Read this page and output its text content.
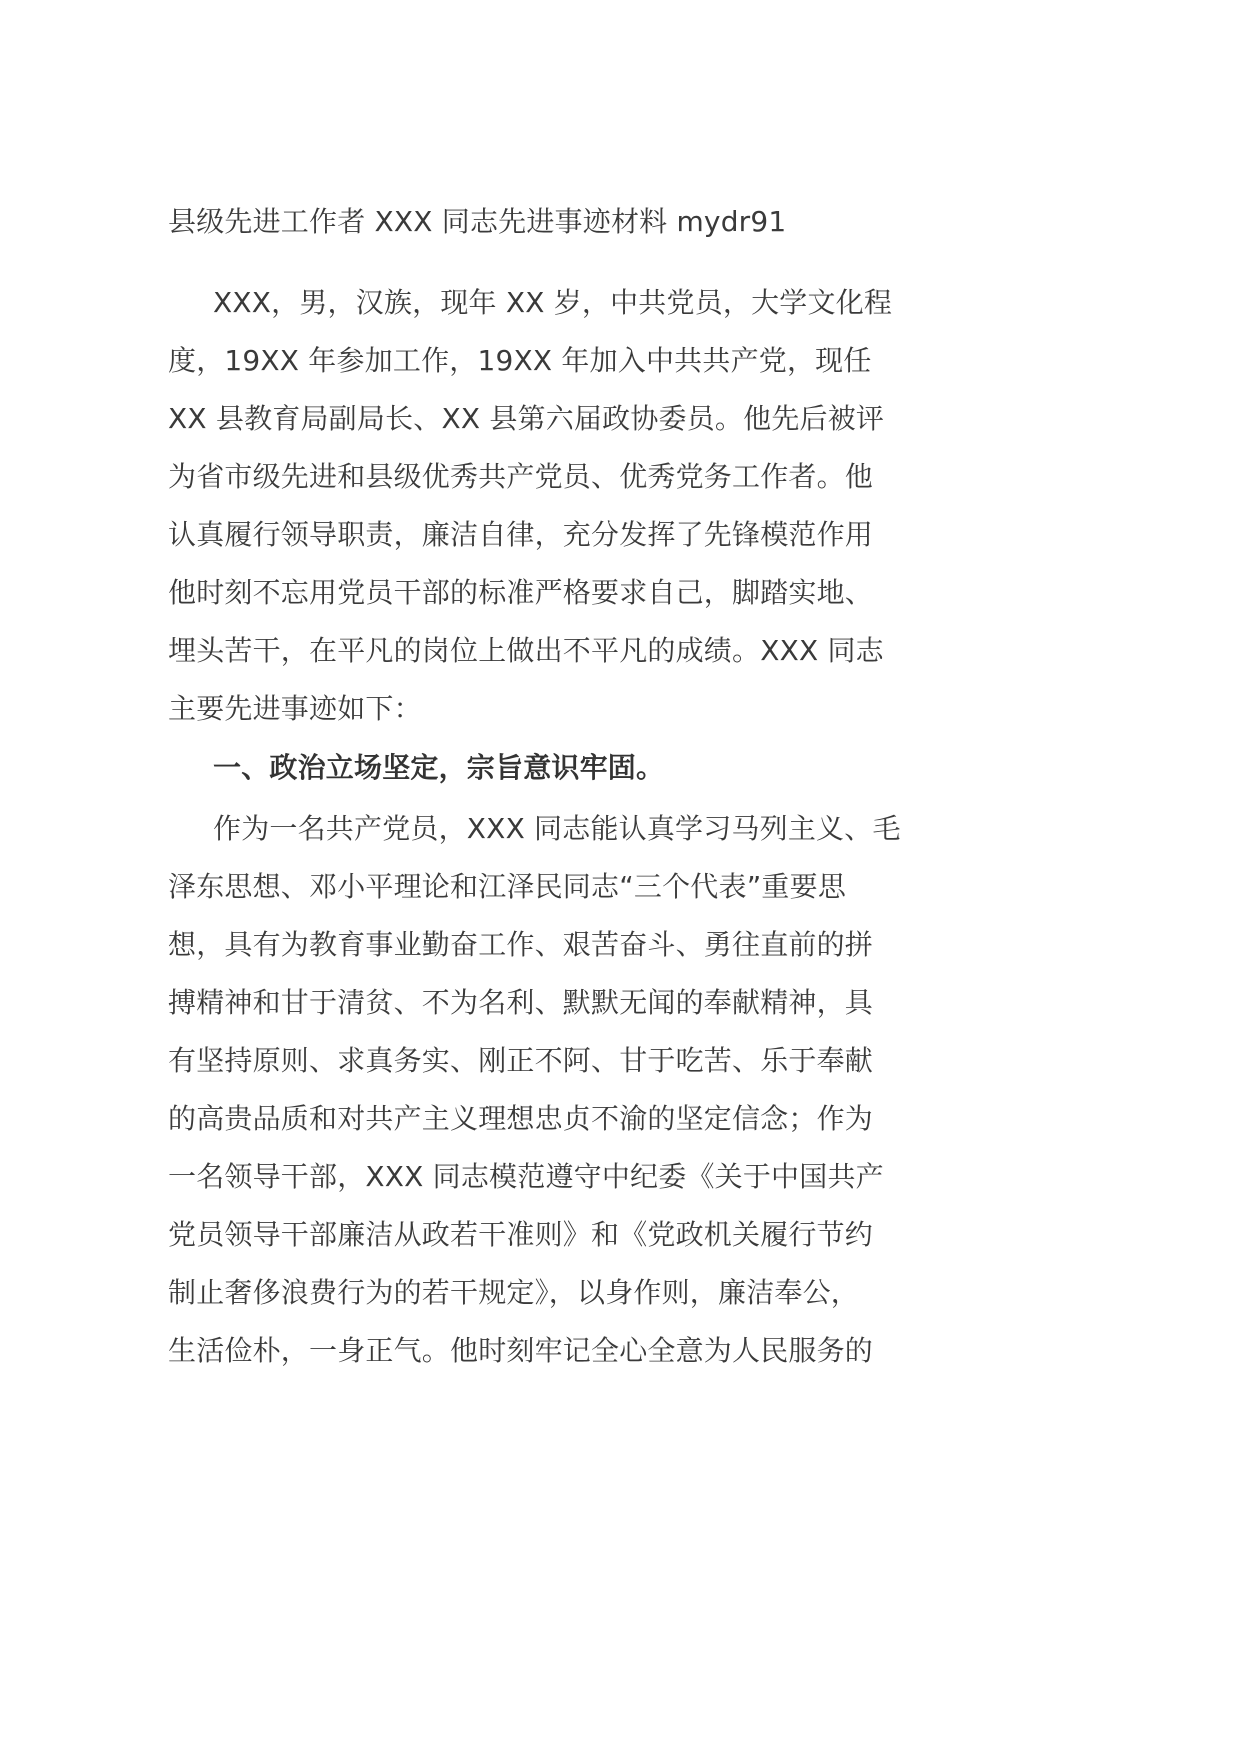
县级先进工作者 XXX 同志先进事迹材料 mydr91
XXX，男，汉族，现年 XX 岁，中共党员，大学文化程
度，19XX 年参加工作，19XX 年加入中共共产党，现任
XX 县教育局副局长、XX 县第六届政协委员。他先后被评
为省市级先进和县级优秀共产党员、优秀党务工作者。他
认真履行领导职责，廉洁自律，充分发挥了先锋模范作用
他时刻不忘用党员干部的标准严格要求自己，脚踏实地、
埋头苦干，在平凡的岗位上做出不平凡的成绩。XXX 同志
主要先进事迹如下：
一、政治立场坚定，宗旨意识牢固。
作为一名共产党员，XXX 同志能认真学习马列主义、毛
泽东思想、邓小平理论和江泽民同志“三个代表”重要思
想，具有为教育事业勤奋工作、艰苦奋斗、勇往直前的拼
搏精神和甘于清贫、不为名利、默默无闻的奉献精神，具
有坚持原则、求真务实、刚正不阿、甘于吃苦、乐于奉献
的高贵品质和对共产主义理想忠贞不渝的坚定信念；作为
一名领导干部，XXX 同志模范遵守中纪委《关于中国共产
党员领导干部廉洁从政若干准则》和《党政机关履行节约
制止奢侈浪费行为的若干规定》，以身作则，廉洁奉公，
生活俭朴，一身正气。他时刻牢记全心全意为人民服务的
